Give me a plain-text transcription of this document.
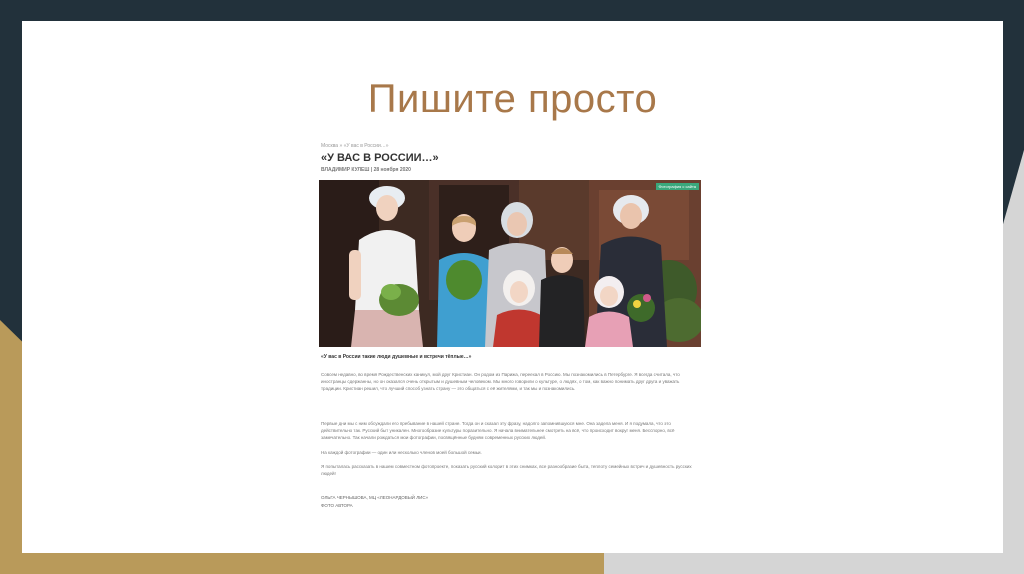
Пишите просто
Москва » «У вас в России…»
«У ВАС В РОССИИ…»
ВЛАДИМИР КУЛЕШ | 28 ноября 2020
Фотография с сайта
«У вас в России такие люди душевные и встречи тёплые…»
Совсем недавно, во время Рождественских каникул, мой друг Кристиан. Он родом из Парижа, переехал в Россию. Мы познакомились в Петербурге. Я всегда считала, что иностранцы сдержанны, но он оказался очень открытым и душевным человеком. Мы много говорили о культуре, о людях, о том, как важно понимать друг друга и уважать традиции. Кристиан решил, что лучший способ узнать страну — это общаться с её жителями, и так мы и познакомились.
Первые дни мы с ним обсуждали его пребывание в нашей стране. Тогда он и сказал эту фразу, надолго запомнившуюся мне. Она задела меня. И я подумала, что это действительно так. Русский быт уникален. Многообразие культуры поразительно. Я начала внимательнее смотреть на всё, что происходит вокруг меня. Бесспорно, всё замечательно. Так начали рождаться мои фотографии, посвящённые будням современных русских людей.
На каждой фотографии — один или несколько членов моей большой семьи.
Я попыталась рассказать в нашем совместном фотопроекте, показать русский колорит в этих снимках, все разнообразие быта, теплоту семейных встреч и душевность русских людей!
ОЛЬГА ЧЕРНЫШОВА, МЦ «ЛЕОНАРДОВЫЙ ЛИС»
ФОТО АВТОРА
